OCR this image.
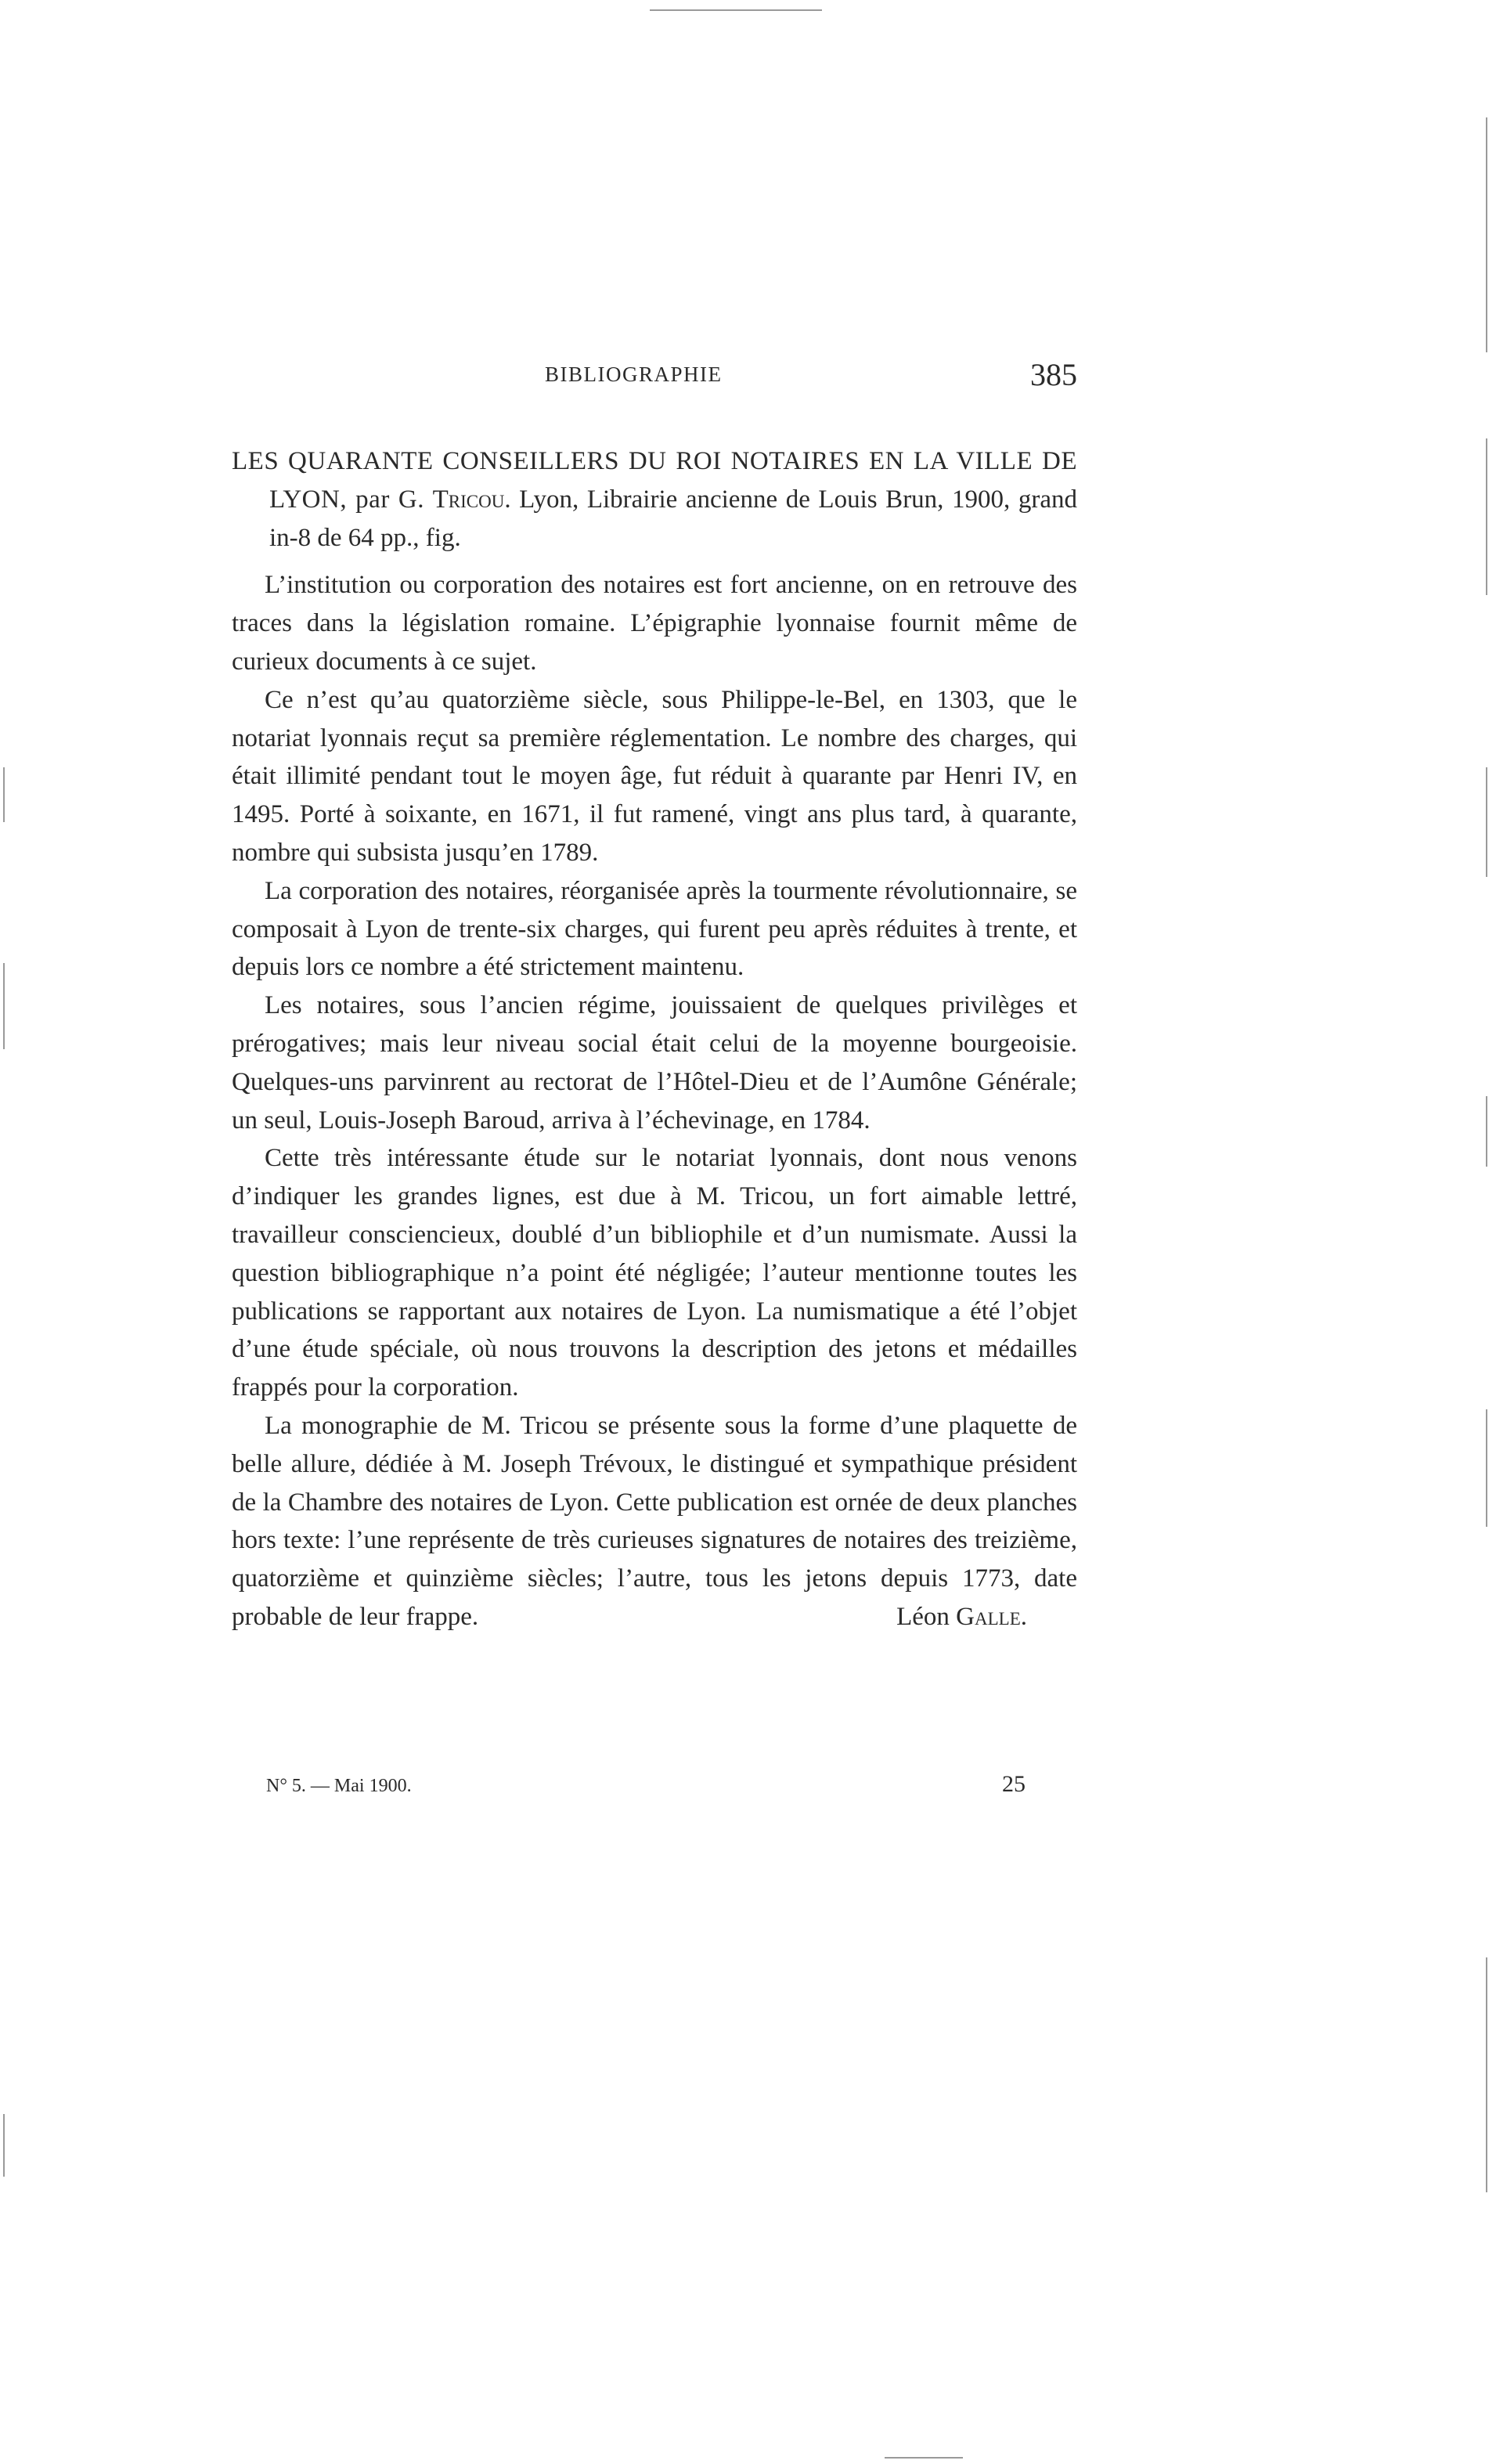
BIBLIOGRAPHIE	385

LES QUARANTE CONSEILLERS DU ROI NOTAIRES EN LA VILLE DE LYON, par G. Tricou. Lyon, Librairie ancienne de Louis Brun, 1900, grand in-8 de 64 pp., fig.

L’institution ou corporation des notaires est fort ancienne, on en retrouve des traces dans la législation romaine. L’épigraphie lyonnaise fournit même de curieux documents à ce sujet.

Ce n’est qu’au quatorzième siècle, sous Philippe-le-Bel, en 1303, que le notariat lyonnais reçut sa première réglementation. Le nombre des charges, qui était illimité pendant tout le moyen âge, fut réduit à quarante par Henri IV, en 1495. Porté à soixante, en 1671, il fut ramené, vingt ans plus tard, à quarante, nombre qui subsista jusqu’en 1789.

La corporation des notaires, réorganisée après la tourmente révolutionnaire, se composait à Lyon de trente-six charges, qui furent peu après réduites à trente, et depuis lors ce nombre a été strictement maintenu.

Les notaires, sous l’ancien régime, jouissaient de quelques privilèges et prérogatives; mais leur niveau social était celui de la moyenne bourgeoisie. Quelques-uns parvinrent au rectorat de l’Hôtel-Dieu et de l’Aumône Générale; un seul, Louis-Joseph Baroud, arriva à l’échevinage, en 1784.

Cette très intéressante étude sur le notariat lyonnais, dont nous venons d’indiquer les grandes lignes, est due à M. Tricou, un fort aimable lettré, travailleur consciencieux, doublé d’un bibliophile et d’un numismate. Aussi la question bibliographique n’a point été négligée; l’auteur mentionne toutes les publications se rapportant aux notaires de Lyon. La numismatique a été l’objet d’une étude spéciale, où nous trouvons la description des jetons et médailles frappés pour la corporation.

La monographie de M. Tricou se présente sous la forme d’une plaquette de belle allure, dédiée à M. Joseph Trévoux, le distingué et sympathique président de la Chambre des notaires de Lyon. Cette publication est ornée de deux planches hors texte: l’une représente de très curieuses signatures de notaires des treizième, quatorzième et quinzième siècles; l’autre, tous les jetons depuis 1773, date probable de leur frappe.	Léon Galle.

N° 5. — Mai 1900.	25
